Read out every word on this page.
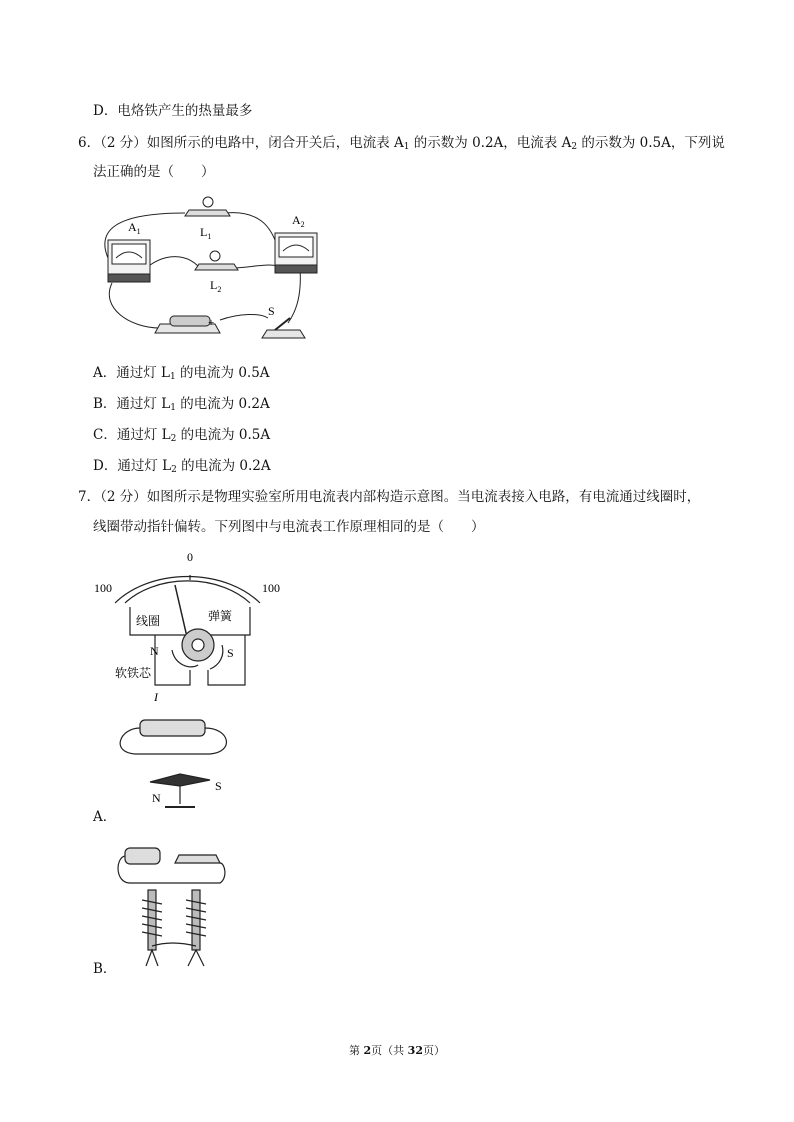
D．电烙铁产生的热量最多
6．（2 分）如图所示的电路中，闭合开关后，电流表 $A_1$ 的示数为 0.2A，电流表 $A_2$ 的示数为 0.5A，下列说
法正确的是（　　）
$A_1$
$A_2$
$L_1$
$L_2$
S
+
A．通过灯 $L_1$ 的电流为 0.5A
B．通过灯 $L_1$ 的电流为 0.2A
C．通过灯 $L_2$ 的电流为 0.5A
D．通过灯 $L_2$ 的电流为 0.2A
7．（2 分）如图所示是物理实验室所用电流表内部构造示意图。当电流表接入电路，有电流通过线圈时，
线圈带动指针偏转。下列图中与电流表工作原理相同的是（　　）
0
100	100
线圈	弹簧
N	S
软铁芯
I
N
S
A．
B．
第 2页（共 32页）
